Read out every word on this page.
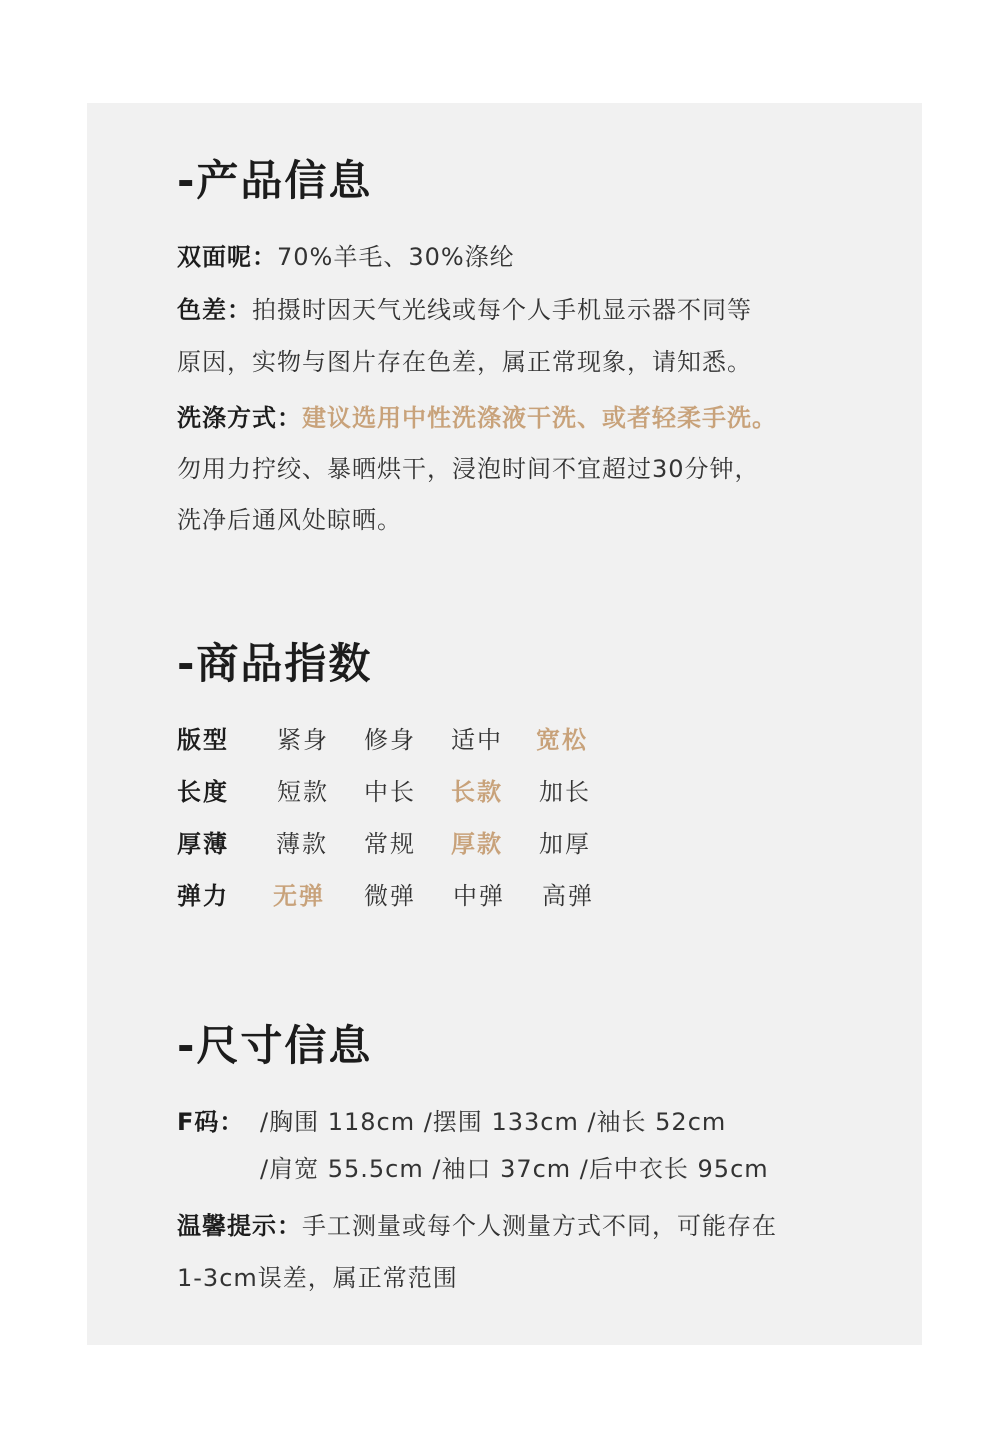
-产品信息
双面呢：70%羊毛、30%涤纶
色差：拍摄时因天气光线或每个人手机显示器不同等
原因，实物与图片存在色差，属正常现象，请知悉。
洗涤方式：建议选用中性洗涤液干洗、或者轻柔手洗。
勿用力拧绞、暴晒烘干，浸泡时间不宜超过30分钟，
洗净后通风处晾晒。
-商品指数
版型 紧身 修身 适中 宽松
长度 短款 中长 长款 加长
厚薄 薄款 常规 厚款 加厚
弹力 无弹 微弹 中弹 高弹
-尺寸信息
F码： /胸围 118cm /摆围 133cm /袖长 52cm
/肩宽 55.5cm /袖口 37cm /后中衣长 95cm
温馨提示：手工测量或每个人测量方式不同，可能存在
1-3cm误差，属正常范围
